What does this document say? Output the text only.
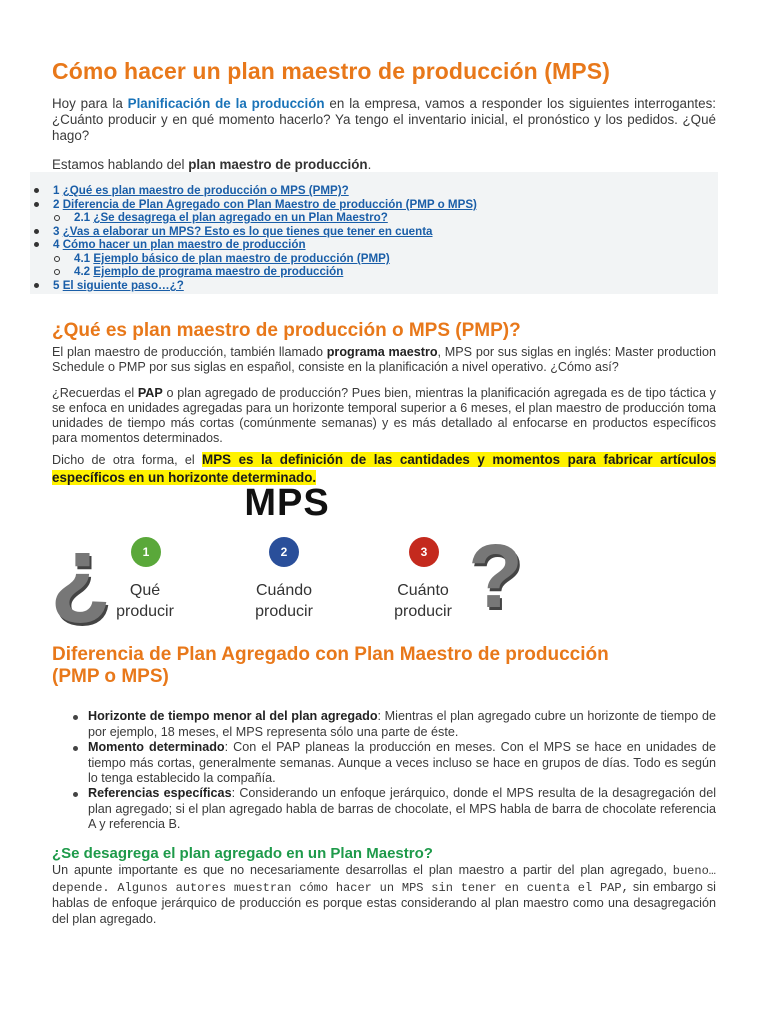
Cómo hacer un plan maestro de producción (MPS)

Hoy para la Planificación de la producción en la empresa, vamos a responder los siguientes interrogantes: ¿Cuánto producir y en qué momento hacerlo? Ya tengo el inventario inicial, el pronóstico y los pedidos. ¿Qué hago?

Estamos hablando del plan maestro de producción.

1 ¿Qué es plan maestro de producción o MPS (PMP)?
2 Diferencia de Plan Agregado con Plan Maestro de producción (PMP o MPS)
2.1 ¿Se desagrega el plan agregado en un Plan Maestro?
3 ¿Vas a elaborar un MPS? Esto es lo que tienes que tener en cuenta
4 Cómo hacer un plan maestro de producción
4.1 Ejemplo básico de plan maestro de producción (PMP)
4.2 Ejemplo de programa maestro de producción
5 El siguiente paso…¿?
¿Qué es plan maestro de producción o MPS (PMP)?

El plan maestro de producción, también llamado programa maestro, MPS por sus siglas en inglés: Master production Schedule o PMP por sus siglas en español, consiste en la planificación a nivel operativo. ¿Cómo así?

¿Recuerdas el PAP o plan agregado de producción? Pues bien, mientras la planificación agregada es de tipo táctica y se enfoca en unidades agregadas para un horizonte temporal superior a 6 meses, el plan maestro de producción toma unidades de tiempo más cortas (comúnmente semanas) y es más detallado al enfocarse en productos específicos para momentos determinados.

Dicho de otra forma, el MPS es la definición de las cantidades y momentos para fabricar artículos específicos en un horizonte determinado.

MPS
¿	?
1
Qué
producir
2
Cuándo
producir
3
Cuánto
producir
Diferencia de Plan Agregado con Plan Maestro de producción
(PMP o MPS)

Horizonte de tiempo menor al del plan agregado: Mientras el plan agregado cubre un horizonte de tiempo de por ejemplo, 18 meses, el MPS representa sólo una parte de éste.

Momento determinado: Con el PAP planeas la producción en meses. Con el MPS se hace en unidades de tiempo más cortas, generalmente semanas. Aunque a veces incluso se hace en grupos de días. Todo es según lo tenga establecido la compañía.

Referencias específicas: Considerando un enfoque jerárquico, donde el MPS resulta de la desagregación del plan agregado; si el plan agregado habla de barras de chocolate, el MPS habla de barra de chocolate referencia A y referencia B.

¿Se desagrega el plan agregado en un Plan Maestro?

Un apunte importante es que no necesariamente desarrollas el plan maestro a partir del plan agregado, bueno… depende. Algunos autores muestran cómo hacer un MPS sin tener en cuenta el PAP, sin embargo si hablas de enfoque jerárquico de producción es porque estas considerando al plan maestro como una desagregación del plan agregado.
